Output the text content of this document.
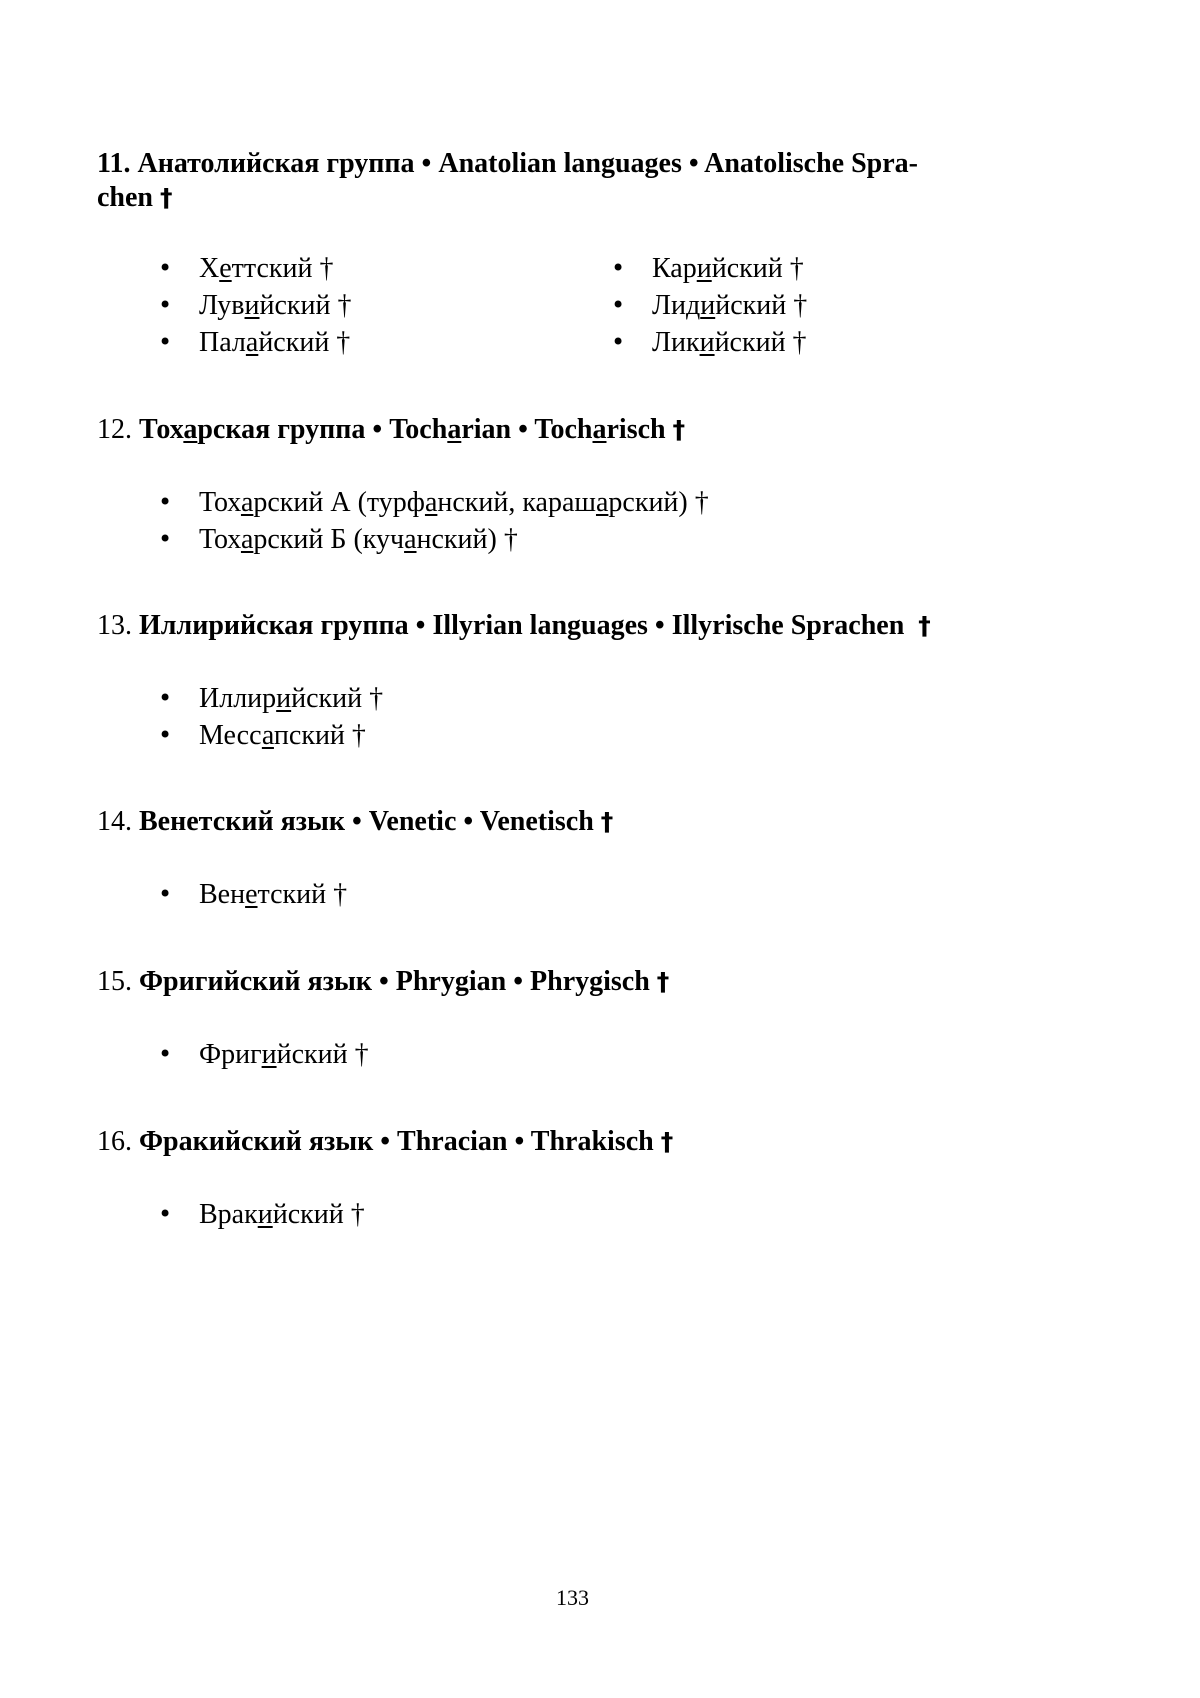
11. Анатолийская группа • Anatolian languages • Anatolische Spra-
chen †
• Хеттский †
• Лувийский †
• Палайский †
• Карийский †
• Лидийский †
• Ликийский †
12. Тохарская группа • Tocharian • Tocharisch †
• Тохарский А (турфанский, карашарский) †
• Тохарский Б (кучанский) †
13. Иллирийская группа • Illyrian languages • Illyrische Sprachen †
• Иллирийский †
• Мессапский †
14. Венетский язык • Venetic • Venetisch †
• Венетский †
15. Фригийский язык • Phrygian • Phrygisch †
• Фригийский †
16. Фракийский язык • Thracian • Thrakisch †
• Вракийский †
133
